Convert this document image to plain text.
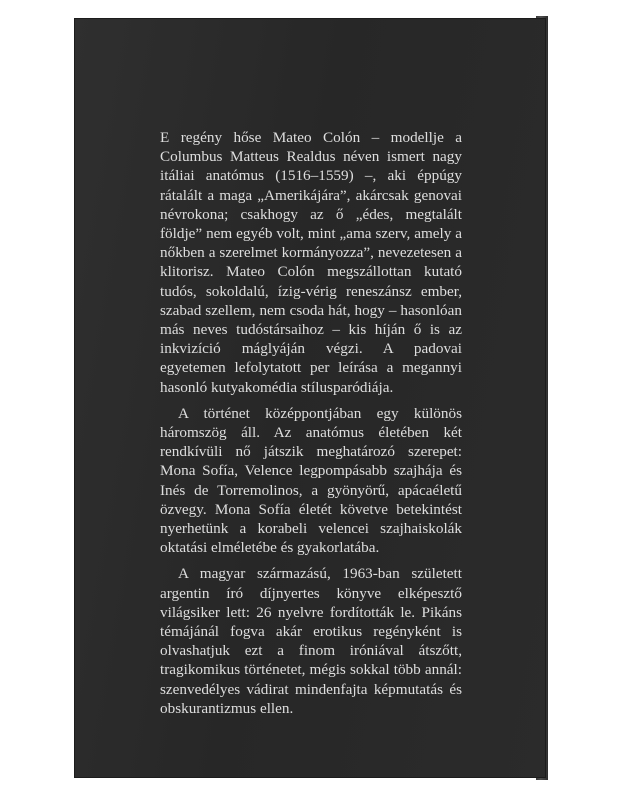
E regény hőse Mateo Colón – modellje a Columbus Matteus Realdus néven ismert nagy itáliai anatómus (1516–1559) –, aki éppúgy rátalált a maga „Amerikájára”, akárcsak genovai névrokona; csakhogy az ő „édes, megtalált földje” nem egyéb volt, mint „ama szerv, amely a nőkben a szerelmet kormányozza”, nevezetesen a klitorisz. Mateo Colón megszállottan kutató tudós, sokoldalú, ízig-vérig reneszánsz ember, szabad szellem, nem csoda hát, hogy – hasonlóan más neves tudóstársaihoz – kis híján ő is az inkvizíció máglyáján végzi. A padovai egyetemen lefolytatott per leírása a megannyi hasonló kutyakomédia stílusparódiája.

A történet középpontjában egy különös háromszög áll. Az anatómus életében két rendkívüli nő játszik meghatározó szerepet: Mona Sofía, Velence legpompásabb szajhája és Inés de Torremolinos, a gyönyörű, apácaéletű özvegy. Mona Sofía életét követve betekintést nyerhetünk a korabeli velencei szajhaiskolák oktatási elméletébe és gyakorlatába.

A magyar származású, 1963-ban született argentin író díjnyertes könyve elképesztő világsiker lett: 26 nyelvre fordították le. Pikáns témájánál fogva akár erotikus regényként is olvashatjuk ezt a finom iróniával átszőtt, tragikomikus történetet, mégis sokkal több annál: szenvedélyes vádirat mindenfajta képmutatás és obskurantizmus ellen.
